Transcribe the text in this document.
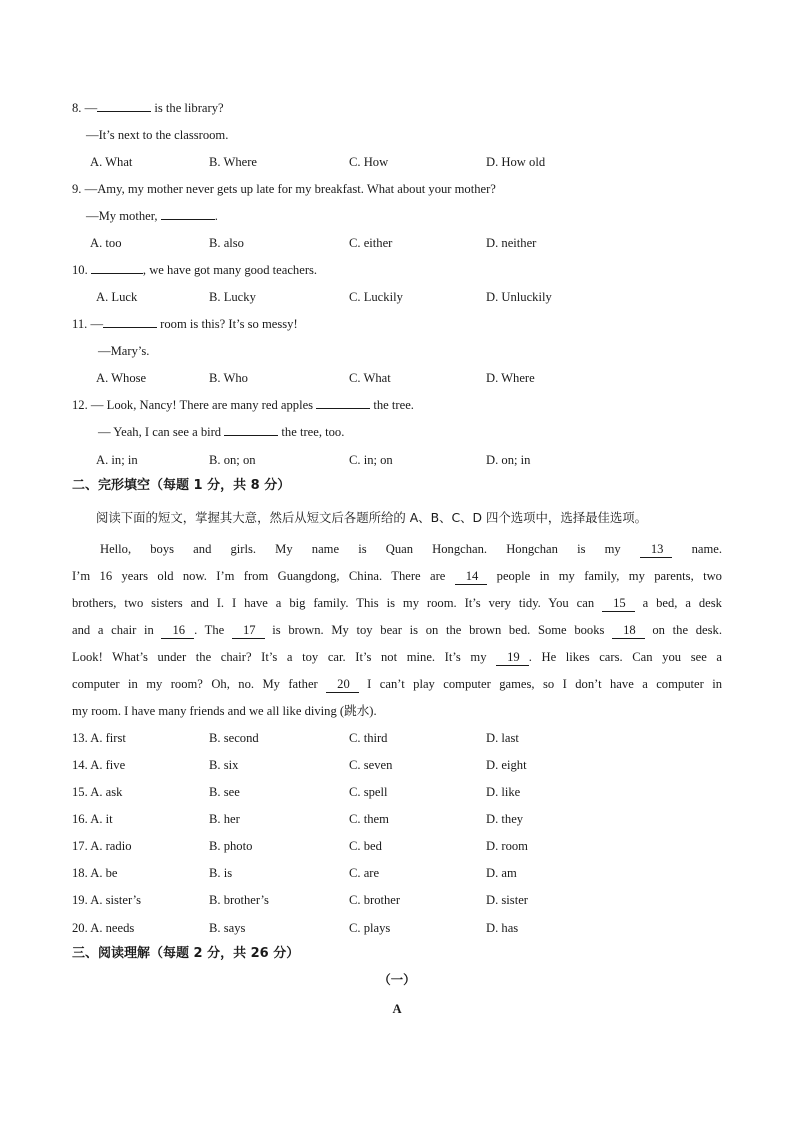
8. —	is the library?
—It’s next to the classroom.
A. What	B. Where	C. How	D. How old
9. —Amy, my mother never gets up late for my breakfast. What about your mother?
—My mother,	.
A. too	B. also	C. either	D. neither
10.	, we have got many good teachers.
A. Luck	B. Lucky	C. Luckily	D. Unluckily
11. —	room is this? It’s so messy!
—Mary’s.
A. Whose	B. Who	C. What	D. Where
12. — Look, Nancy! There are many red apples	the tree.
— Yeah, I can see a bird	the tree, too.
A. in; in	B. on; on	C. in; on	D. on; in
二、完形填空（每题 1 分，共 8 分）
阅读下面的短文，掌握其大意，然后从短文后各题所给的 A、B、C、D 四个选项中，选择最佳选项。
Hello, boys and girls. My name is Quan Hongchan. Hongchan is my 13 name.
I’m 16 years old now. I’m from Guangdong, China. There are 14 people in my family, my parents, two
brothers, two sisters and I. I have a big family. This is my room. It’s very tidy. You can 15 a bed, a desk
and a chair in 16 . The 17 is brown. My toy bear is on the brown bed. Some books 18 on the desk.
Look! What’s under the chair? It’s a toy car. It’s not mine. It’s my 19 . He likes cars. Can you see a
computer in my room? Oh, no. My father 20 I can’t play computer games, so I don’t have a computer in
my room. I have many friends and we all like diving (跳水).
13. A. first	B. second	C. third	D. last
14. A. five	B. six	C. seven	D. eight
15. A. ask	B. see	C. spell	D. like
16. A. it	B. her	C. them	D. they
17. A. radio	B. photo	C. bed	D. room
18. A. be	B. is	C. are	D. am
19. A. sister’s	B. brother’s	C. brother	D. sister
20. A. needs	B. says	C. plays	D. has
三、阅读理解（每题 2 分，共 26 分）
（一）
A
